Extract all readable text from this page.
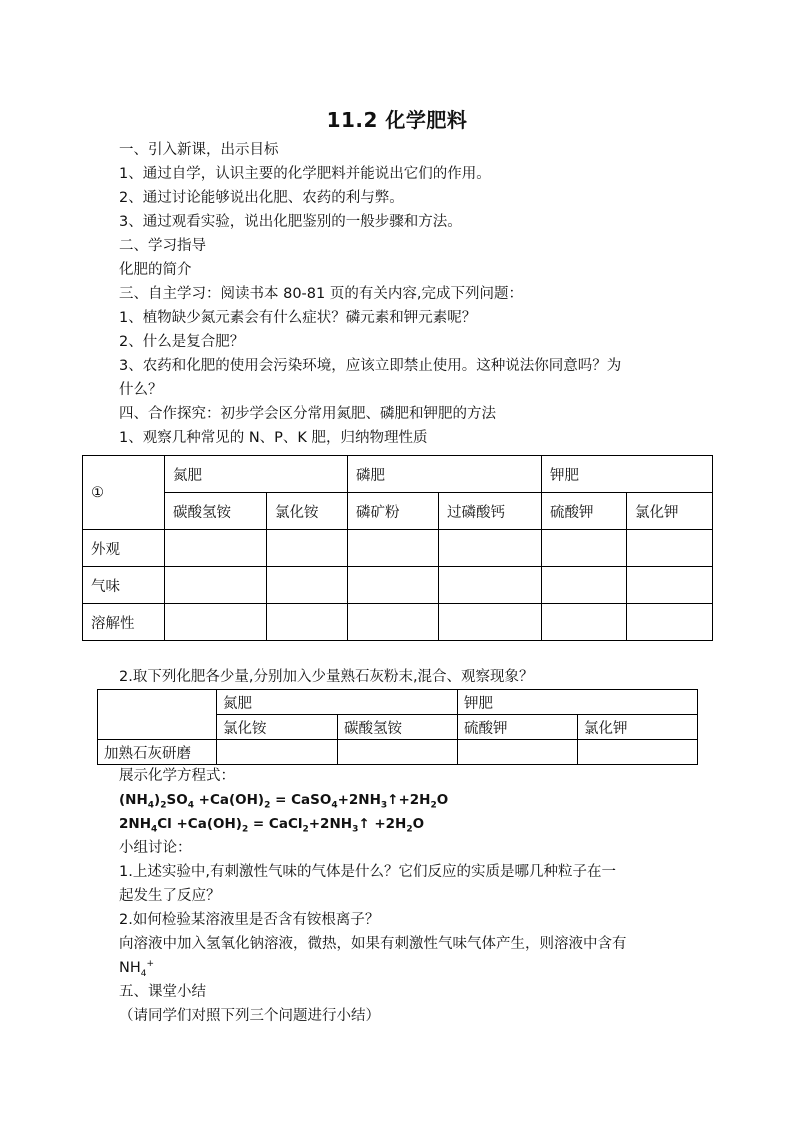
11.2 化学肥料
一、引入新课，出示目标
1、通过自学，认识主要的化学肥料并能说出它们的作用。
2、通过讨论能够说出化肥、农药的利与弊。
3、通过观看实验，说出化肥鉴别的一般步骤和方法。
二、学习指导
化肥的简介
三、自主学习：阅读书本 80-81 页的有关内容,完成下列问题：
1、植物缺少氮元素会有什么症状？磷元素和钾元素呢？
2、什么是复合肥？
3、农药和化肥的使用会污染环境，应该立即禁止使用。这种说法你同意吗？为
什么？
四、合作探究：初步学会区分常用氮肥、磷肥和钾肥的方法
1、观察几种常见的 N、P、K 肥，归纳物理性质
①	氮肥		磷肥		钾肥	
	碳酸氢铵	氯化铵	磷矿粉	过磷酸钙	硫酸钾	氯化钾
外观						
气味						
溶解性						
2.取下列化肥各少量,分别加入少量熟石灰粉末,混合、观察现象？
	氮肥		钾肥	
	氯化铵	碳酸氢铵	硫酸钾	氯化钾
加熟石灰研磨				
展示化学方程式：
$(NH_4)_2SO_4 +Ca(OH)_2$ = $CaSO_4+2NH_3↑+2H_2O$
$2NH_4Cl +Ca(OH)_2$ = $CaCl_2+2NH_3↑ +2H_2O$
小组讨论：
1.上述实验中,有刺激性气味的气体是什么？它们反应的实质是哪几种粒子在一
起发生了反应？
2.如何检验某溶液里是否含有铵根离子？
向溶液中加入氢氧化钠溶液，微热，如果有刺激性气味气体产生，则溶液中含有
$NH_4^+$
五、课堂小结
（请同学们对照下列三个问题进行小结）
